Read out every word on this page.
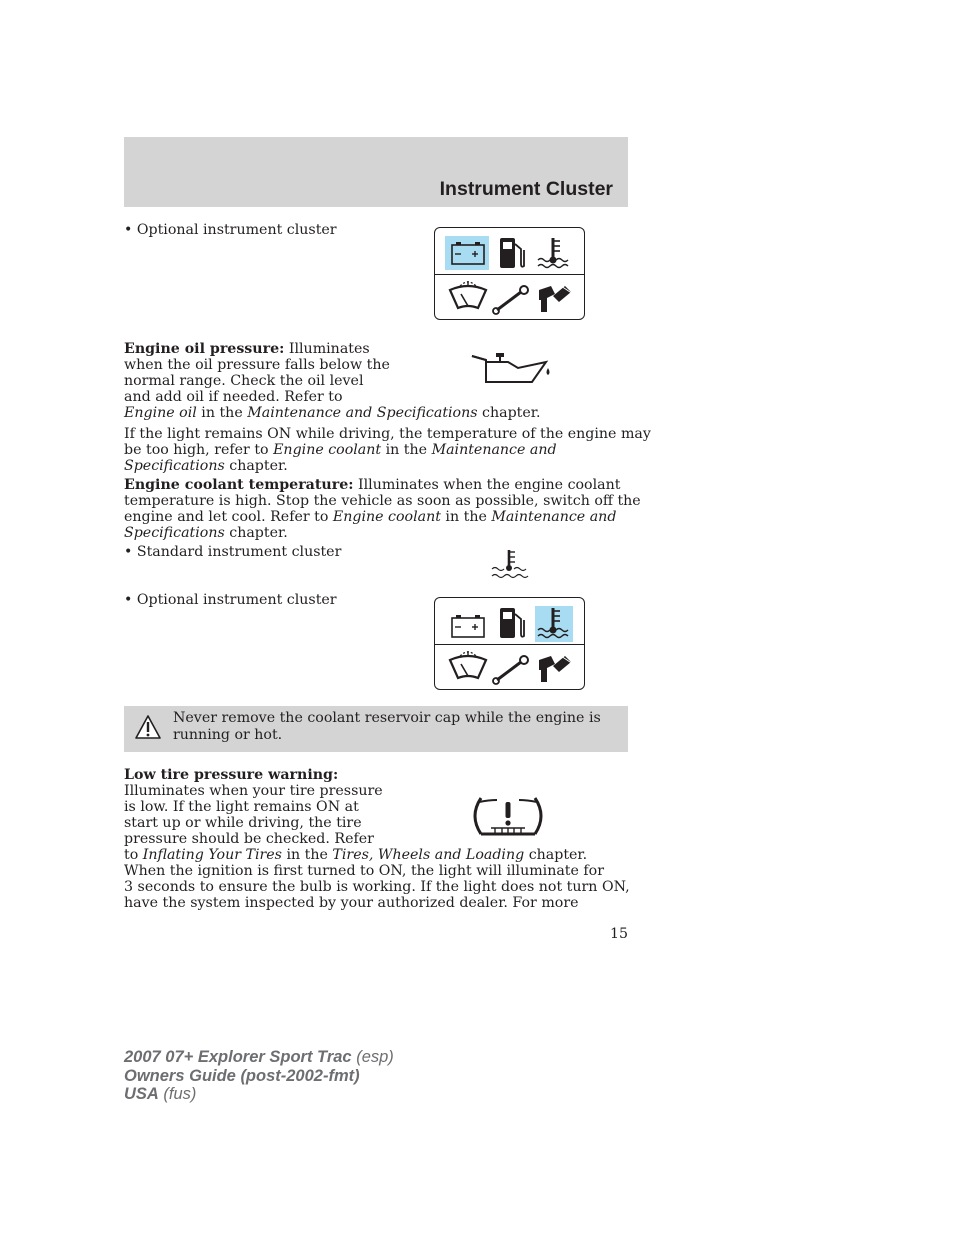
Instrument Cluster
• Optional instrument cluster
Engine oil pressure: Illuminates
when the oil pressure falls below the
normal range. Check the oil level
and add oil if needed. Refer to
Engine oil in the Maintenance and Specifications chapter.
If the light remains ON while driving, the temperature of the engine may
be too high, refer to Engine coolant in the Maintenance and
Specifications chapter.
Engine coolant temperature: Illuminates when the engine coolant
temperature is high. Stop the vehicle as soon as possible, switch off the
engine and let cool. Refer to Engine coolant in the Maintenance and
Specifications chapter.
• Standard instrument cluster
• Optional instrument cluster
Never remove the coolant reservoir cap while the engine is
running or hot.
Low tire pressure warning:
Illuminates when your tire pressure
is low. If the light remains ON at
start up or while driving, the tire
pressure should be checked. Refer
to Inflating Your Tires in the Tires, Wheels and Loading chapter.
When the ignition is first turned to ON, the light will illuminate for
3 seconds to ensure the bulb is working. If the light does not turn ON,
have the system inspected by your authorized dealer. For more
15
2007 07+ Explorer Sport Trac (esp)
Owners Guide (post-2002-fmt)
USA (fus)
